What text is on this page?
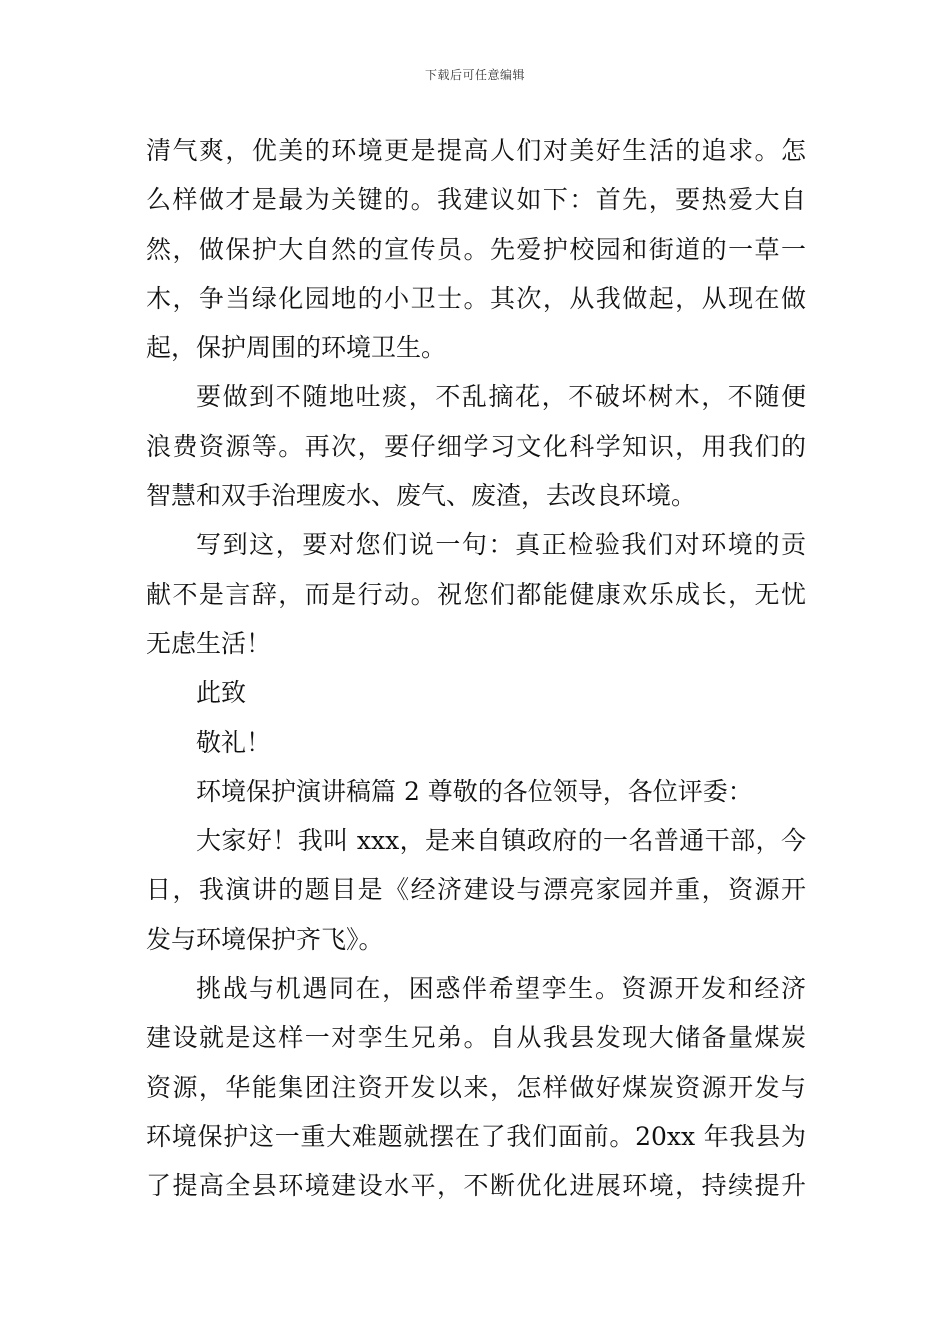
下载后可任意编辑
清气爽，优美的环境更是提高人们对美好生活的追求。怎
么样做才是最为关键的。我建议如下：首先，要热爱大自
然，做保护大自然的宣传员。先爱护校园和街道的一草一
木，争当绿化园地的小卫士。其次，从我做起，从现在做
起，保护周围的环境卫生。
要做到不随地吐痰，不乱摘花，不破坏树木，不随便
浪费资源等。再次，要仔细学习文化科学知识，用我们的
智慧和双手治理废水、废气、废渣，去改良环境。
写到这，要对您们说一句：真正检验我们对环境的贡
献不是言辞，而是行动。祝您们都能健康欢乐成长，无忧
无虑生活！
此致
敬礼！
环境保护演讲稿篇 2 尊敬的各位领导，各位评委：
大家好！我叫 xxx，是来自镇政府的一名普通干部，今
日，我演讲的题目是《经济建设与漂亮家园并重，资源开
发与环境保护齐飞》。
挑战与机遇同在，困惑伴希望孪生。资源开发和经济
建设就是这样一对孪生兄弟。自从我县发现大储备量煤炭
资源，华能集团注资开发以来，怎样做好煤炭资源开发与
环境保护这一重大难题就摆在了我们面前。20xx 年我县为
了提高全县环境建设水平，不断优化进展环境，持续提升
